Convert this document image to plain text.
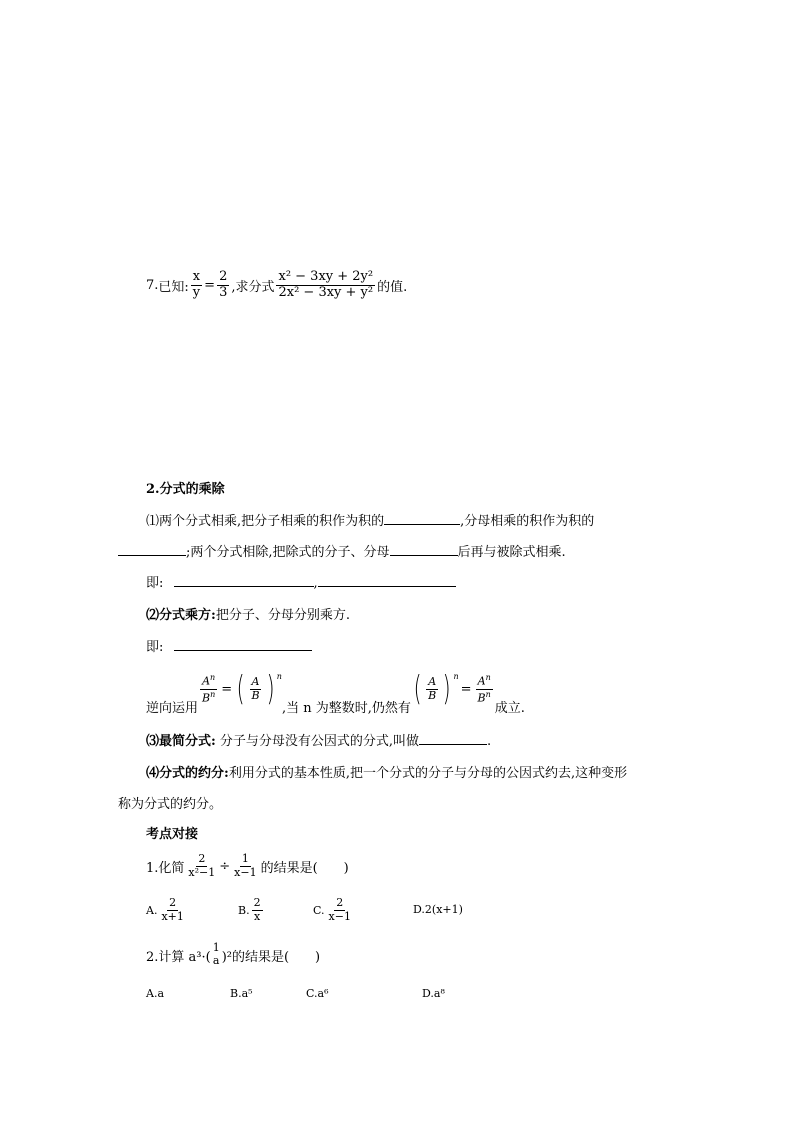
7. 已知: $\frac{x}{y} = \frac{2}{3}$ ,求分式 $\frac{\text{x² − 3xy + 2y²}}{\text{2x² − 3xy + y²}}$ 的值.
2.分式的乘除
⑴两个分式相乘,把分子相乘的积作为积的	,分母相乘的积作为积的
;两个分式相除,把除式的分子、分母	后再与被除式相乘.
即:	,
⑵分式乘方:把分子、分母分别乘方.
即:
逆向运用
$\frac{A^n}{B^n}$ = ( $\frac{A}{B}$ ) $^n$
,当 n 为整数时,仍然有 ( $\frac{A}{B}$ ) $^n$
= $\frac{A^n}{B^n}$
成立.
⑶最简分式: 分子与分母没有公因式的分式,叫做	.
⑷分式的约分:利用分式的基本性质,把一个分式的分子与分母的公因式约去,这种变形
称为分式的约分。
考点对接
1.化简 $\frac{2}{\text{x²−1}} \div \frac{1}{x-1}$ 的结果是(　　)
A. $\frac{2}{x+1}$	B. $\frac{2}{x}$	C. $\frac{2}{x-1}$	D.2(x+1)
2.计算 a³·(
1
a )²的结果是(　　)
A.a	B.a⁵	C.a⁶	D.a⁸
